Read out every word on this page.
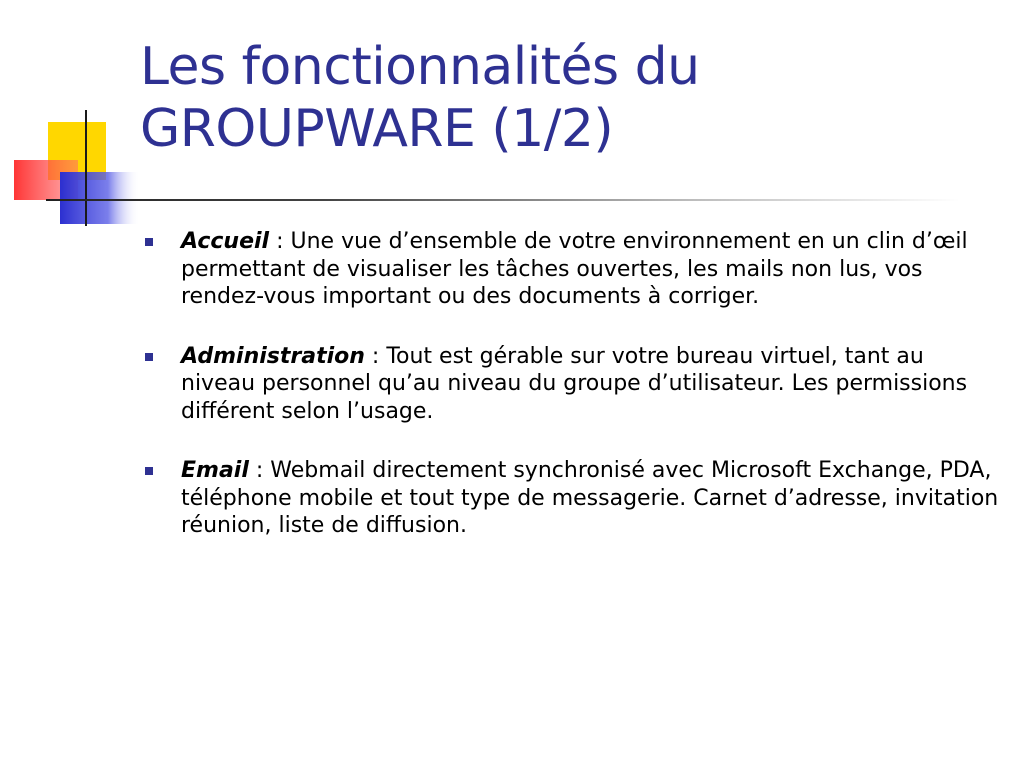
Les fonctionnalités du
GROUPWARE (1/2)
Accueil : Une vue d’ensemble de votre environnement en un clin d’œil permettant de visualiser les tâches ouvertes, les mails non lus, vos rendez-vous important ou des documents à corriger.
Administration : Tout est gérable sur votre bureau virtuel, tant au niveau personnel qu’au niveau du groupe d’utilisateur. Les permissions différent selon l’usage.
Email : Webmail directement synchronisé avec Microsoft Exchange, PDA, téléphone mobile et tout type de messagerie. Carnet d’adresse, invitation réunion, liste de diffusion.
